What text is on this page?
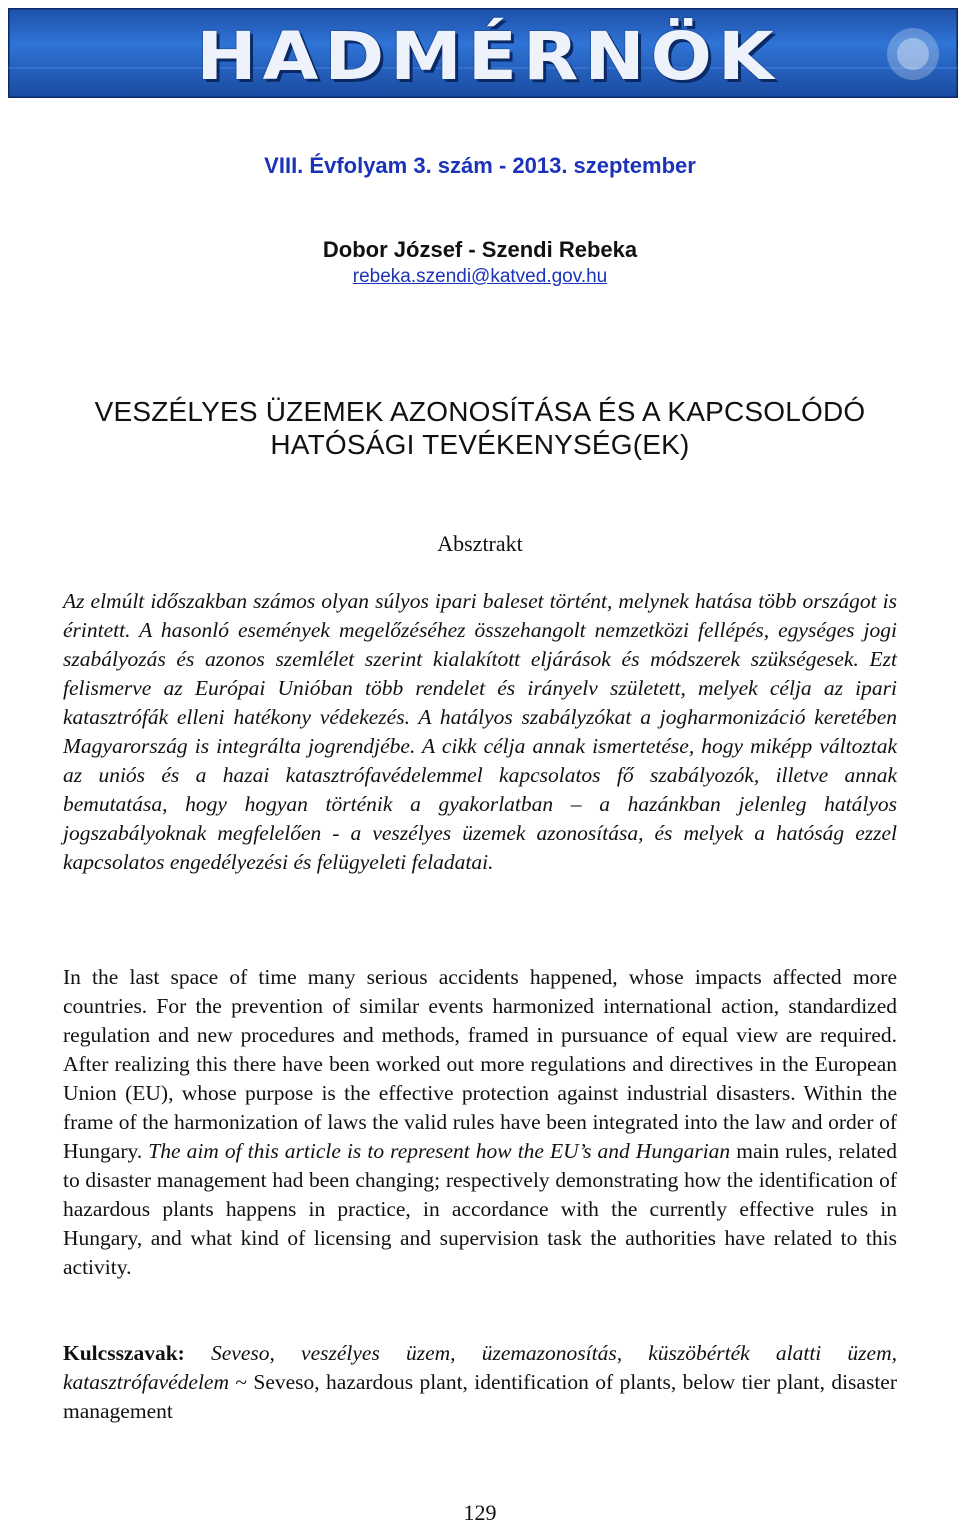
HADMÉRNÖK
VIII. Évfolyam 3. szám - 2013. szeptember
Dobor József - Szendi Rebeka
rebeka.szendi@katved.gov.hu
VESZÉLYES ÜZEMEK AZONOSÍTÁSA ÉS A KAPCSOLÓDÓ
HATÓSÁGI TEVÉKENYSÉG(EK)
Absztrakt
Az elmúlt időszakban számos olyan súlyos ipari baleset történt, melynek hatása több országot is érintett. A hasonló események megelőzéséhez összehangolt nemzetközi fellépés, egységes jogi szabályozás és azonos szemlélet szerint kialakított eljárások és módszerek szükségesek. Ezt felismerve az Európai Unióban több rendelet és irányelv született, melyek célja az ipari katasztrófák elleni hatékony védekezés. A hatályos szabályzókat a jogharmonizáció keretében Magyarország is integrálta jogrendjébe. A cikk célja annak ismertetése, hogy miképp változtak az uniós és a hazai katasztrófavédelemmel kapcsolatos fő szabályozók, illetve annak bemutatása, hogy hogyan történik a gyakorlatban – a hazánkban jelenleg hatályos jogszabályoknak megfelelően - a veszélyes üzemek azonosítása, és melyek a hatóság ezzel kapcsolatos engedélyezési és felügyeleti feladatai.
In the last space of time many serious accidents happened, whose impacts affected more countries. For the prevention of similar events harmonized international action, standardized regulation and new procedures and methods, framed in pursuance of equal view are required. After realizing this there have been worked out more regulations and directives in the European Union (EU), whose purpose is the effective protection against industrial disasters. Within the frame of the harmonization of laws the valid rules have been integrated into the law and order of Hungary. The aim of this article is to represent how the EU’s and Hungarian main rules, related to disaster management had been changing; respectively demonstrating how the identification of hazardous plants happens in practice, in accordance with the currently effective rules in Hungary, and what kind of licensing and supervision task the authorities have related to this activity.
Kulcsszavak: Seveso, veszélyes üzem, üzemazonosítás, küszöbérték alatti üzem, katasztrófavédelem ~ Seveso, hazardous plant, identification of plants, below tier plant, disaster management
129
